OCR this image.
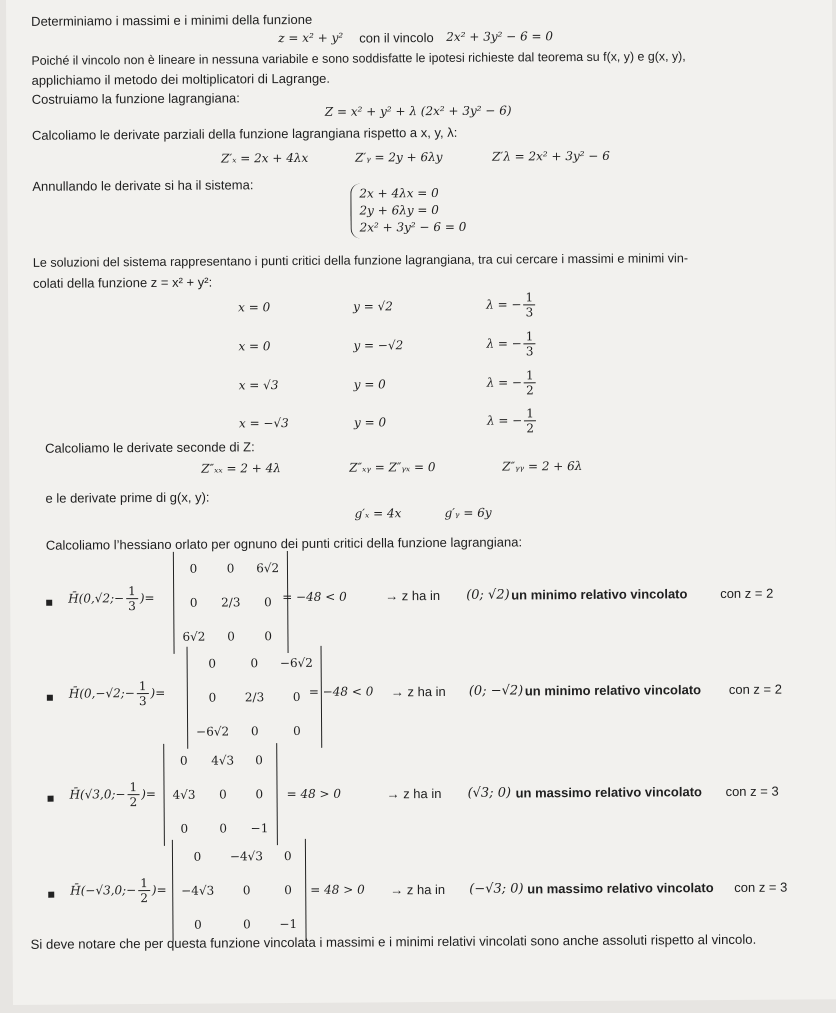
Determiniamo i massimi e i minimi della funzione
z = x² + y² con il vincolo 2x² + 3y² − 6 = 0
Poiché il vincolo non è lineare in nessuna variabile e sono soddisfatte le ipotesi richieste dal teorema su f(x, y) e g(x, y),
applichiamo il metodo dei moltiplicatori di Lagrange.
Costruiamo la funzione lagrangiana:
Z = x² + y² + λ (2x² + 3y² − 6)
Calcoliamo le derivate parziali della funzione lagrangiana rispetto a x, y, λ:
Z′ₓ = 2x + 4λx	Z′ᵧ = 2y + 6λy	Z′λ = 2x² + 3y² − 6
Annullando le derivate si ha il sistema:	2x + 4λx = 0
2y + 6λy = 0
2x² + 3y² − 6 = 0
Le soluzioni del sistema rappresentano i punti critici della funzione lagrangiana, tra cui cercare i massimi e minimi vin-
colati della funzione z = x² + y²:
x = 0	y = √2	λ = − $\frac{1}{3}$
x = 0	y = −√2	λ = − $\frac{1}{3}$
x = √3	y = 0	λ = − $\frac{1}{2}$
x = −√3	y = 0	λ = − $\frac{1}{2}$
Calcoliamo le derivate seconde di Z:
Z″ₓₓ = 2 + 4λ	Z″ₓᵧ = Z″ᵧₓ = 0	Z″ᵧᵧ = 2 + 6λ
e le derivate prime di g(x, y):
g′ₓ = 4x	g′ᵧ = 6y
Calcoliamo l’hessiano orlato per ognuno dei punti critici della funzione lagrangiana:
H̄(0,√2;− $\frac{1}{3}$ )=
0	0	6√2
0	2/3	0
6√2	0	0
= −48 < 0	→ z ha in (0; √2) un minimo relativo vincolato	con z = 2
H̄(0,−√2;− $\frac{1}{3}$ )=
0	0	−6√2
0	2/3	0
−6√2	0	0
= −48 < 0 → z ha in (0; −√2) un minimo relativo vincolato con z = 2
H̄(√3,0;− $\frac{1}{2}$ )=
0	4√3	0
4√3	0	0
0	0	−1
= 48 > 0	→ z ha in (√3; 0) un massimo relativo vincolato con z = 3
H̄(−√3,0;− $\frac{1}{2}$ )=
0	−4√3	0
−4√3	0	0
0	0	−1
= 48 > 0 → z ha in (−√3; 0) un massimo relativo vincolato con z = 3
Si deve notare che per questa funzione vincolata i massimi e i minimi relativi vincolati sono anche assoluti rispetto al vincolo.
